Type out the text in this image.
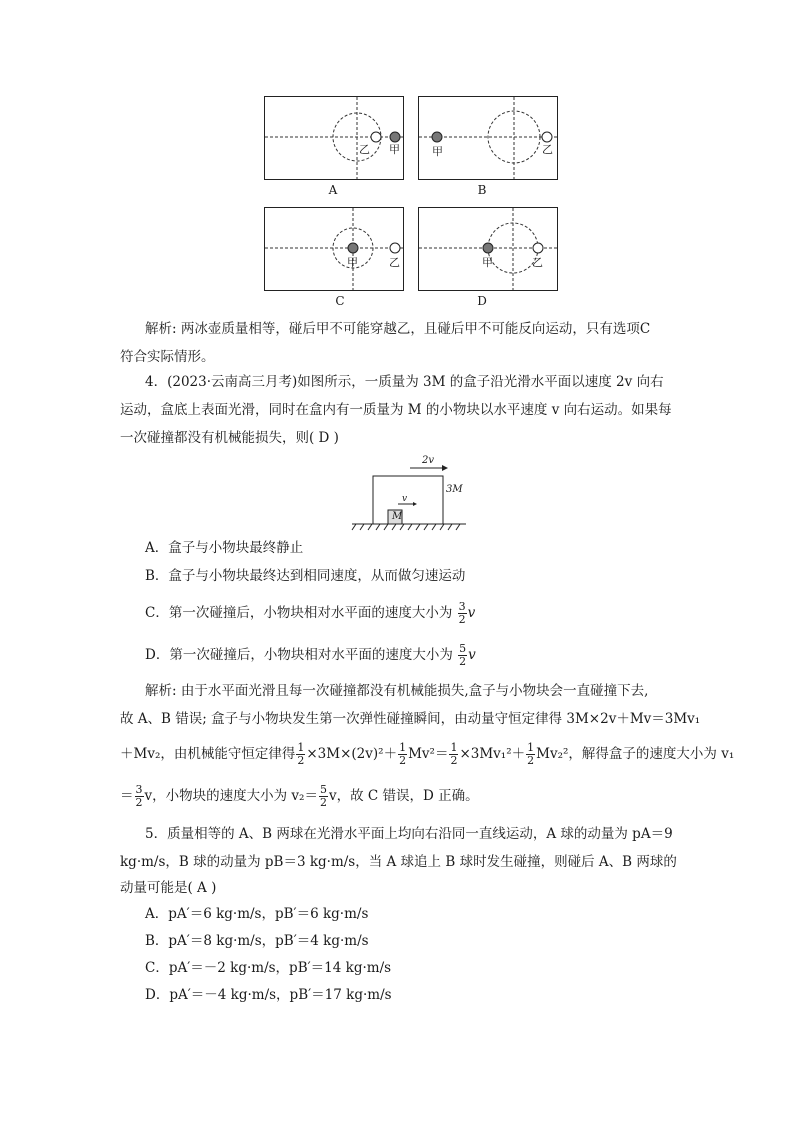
乙 甲
A
甲	乙
B
甲	乙
C
甲	乙
D
解析: 两冰壶质量相等，碰后甲不可能穿越乙，且碰后甲不可能反向运动，只有选项C
符合实际情形。
4．(2023·云南高三月考)如图所示，一质量为 3M 的盒子沿光滑水平面以速度 2v 向右
运动，盒底上表面光滑，同时在盒内有一质量为 M 的小物块以水平速度 v 向右运动。如果每
一次碰撞都没有机械能损失，则( D )
2v
3M
v
M
A．盒子与小物块最终静止
B．盒子与小物块最终达到相同速度，从而做匀速运动
C．第一次碰撞后，小物块相对水平面的速度大小为 $\frac{3}{2}$ v
D．第一次碰撞后，小物块相对水平面的速度大小为 $\frac{5}{2}$ v
解析: 由于水平面光滑且每一次碰撞都没有机械能损失,盒子与小物块会一直碰撞下去,
故 A、B 错误; 盒子与小物块发生第一次弹性碰撞瞬间，由动量守恒定律得 3M×2v＋Mv＝3Mv₁
＋Mv₂，由机械能守恒定律得 $\frac{1}{2} \times 3M\times(2v)^2+ \frac{1}{2} Mv^2= \frac{1}{2} \times 3Mv_1^2+ \frac{1}{2} Mv_2^2$，解得盒子的速度大小为 v₁
＝ $\frac{3}{2}$ v，小物块的速度大小为 $v_2= \frac{5}{2}$ v，故 C 错误，D 正确。
5．质量相等的 A、B 两球在光滑水平面上均向右沿同一直线运动，A 球的动量为 pA＝9
kg·m/s，B 球的动量为 pB＝3 kg·m/s，当 A 球追上 B 球时发生碰撞，则碰后 A、B 两球的
动量可能是( A )
A．pA′＝6 kg·m/s，pB′＝6 kg·m/s
B．pA′＝8 kg·m/s，pB′＝4 kg·m/s
C．pA′＝－2 kg·m/s，pB′＝14 kg·m/s
D．pA′＝－4 kg·m/s，pB′＝17 kg·m/s
